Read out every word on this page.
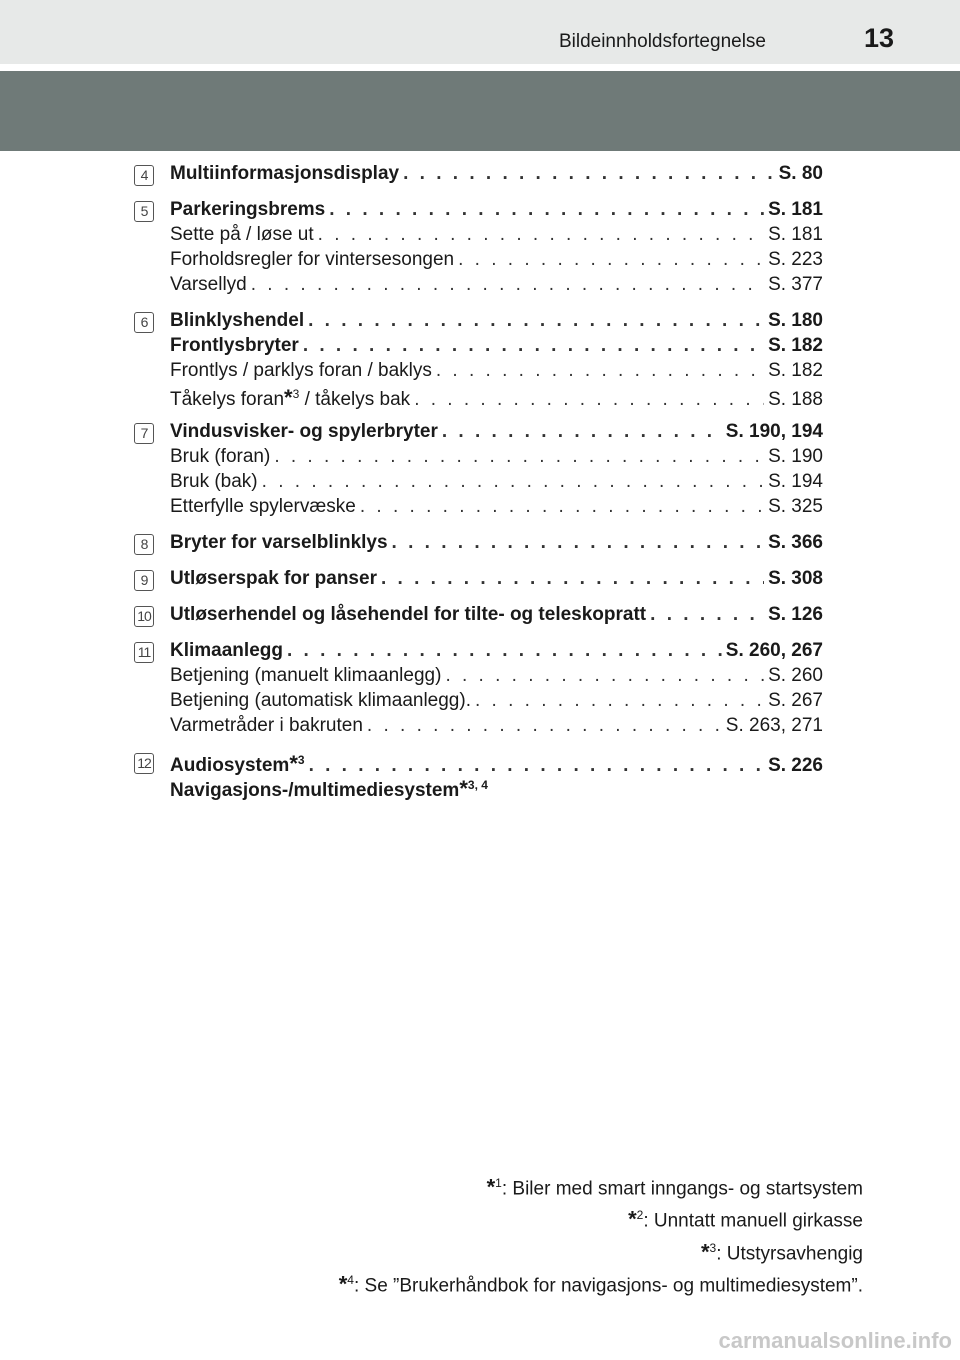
Bildeinnholdsfortegnelse	13
4	Multiinformasjonsdisplay . . .	S. 80
5	Parkeringsbrems . . .	S. 181
Sette på / løse ut . . .	S. 181
Forholdsregler for vintersesongen . . .	S. 223
Varsellyd . . .	S. 377
6	Blinklyshendel . . .	S. 180
Frontlysbryter . . .	S. 182
Frontlys / parklys foran / baklys . . .	S. 182
Tåkelys foran*$^3$ / tåkelys bak . . .	S. 188
7	Vindusvisker- og spylerbryter . . .	S. 190, 194
Bruk (foran) . . .	S. 190
Bruk (bak) . . .	S. 194
Etterfylle spylervæske . . .	S. 325
8	Bryter for varselblinklys . . .	S. 366
9	Utløserspak for panser . . .	S. 308
10 Utløserhendel og låsehendel for tilte- og teleskopratt . . .	S. 126
11 Klimaanlegg . . .	S. 260, 267
Betjening (manuelt klimaanlegg) . . .	S. 260
Betjening (automatisk klimaanlegg). . . .	S. 267
Varmetråder i bakruten . . .	S. 263, 271
12 Audiosystem*$^3$ . . .	S. 226
Navigasjons-/multimediesystem*$^{3, 4}$
*$^1$: Biler med smart inngangs- og startsystem
*$^2$: Unntatt manuell girkasse
*$^3$: Utstyrsavhengig
*$^4$: Se ”Brukerhåndbok for navigasjons- og multimediesystem”.
carmanualsonline.info
